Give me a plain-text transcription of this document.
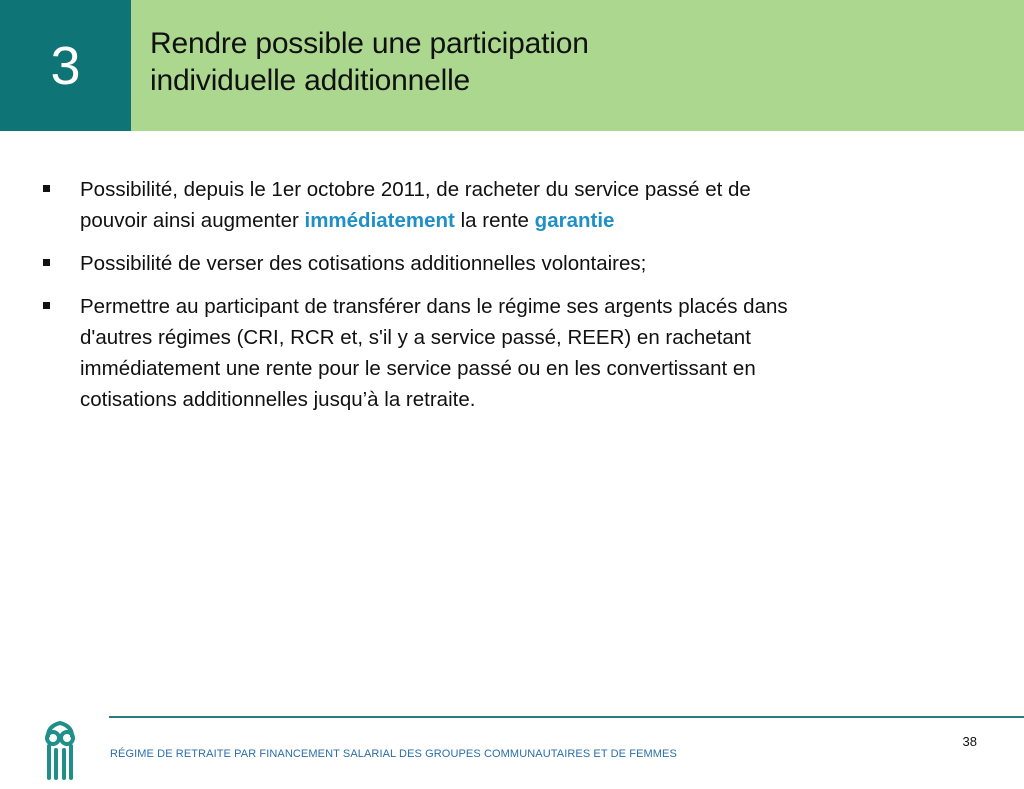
3 Rendre possible une participation
individuelle additionnelle
Possibilité, depuis le 1er octobre 2011, de racheter du service passé et de
pouvoir ainsi augmenter immédiatement la rente garantie
Possibilité de verser des cotisations additionnelles volontaires;
Permettre au participant de transférer dans le régime ses argents placés dans
d'autres régimes (CRI, RCR et, s'il y a service passé, REER) en rachetant
immédiatement une rente pour le service passé ou en les convertissant en
cotisations additionnelles jusqu’à la retraite.
38
RÉGIME DE RETRAITE PAR FINANCEMENT SALARIAL DES GROUPES COMMUNAUTAIRES ET DE FEMMES
